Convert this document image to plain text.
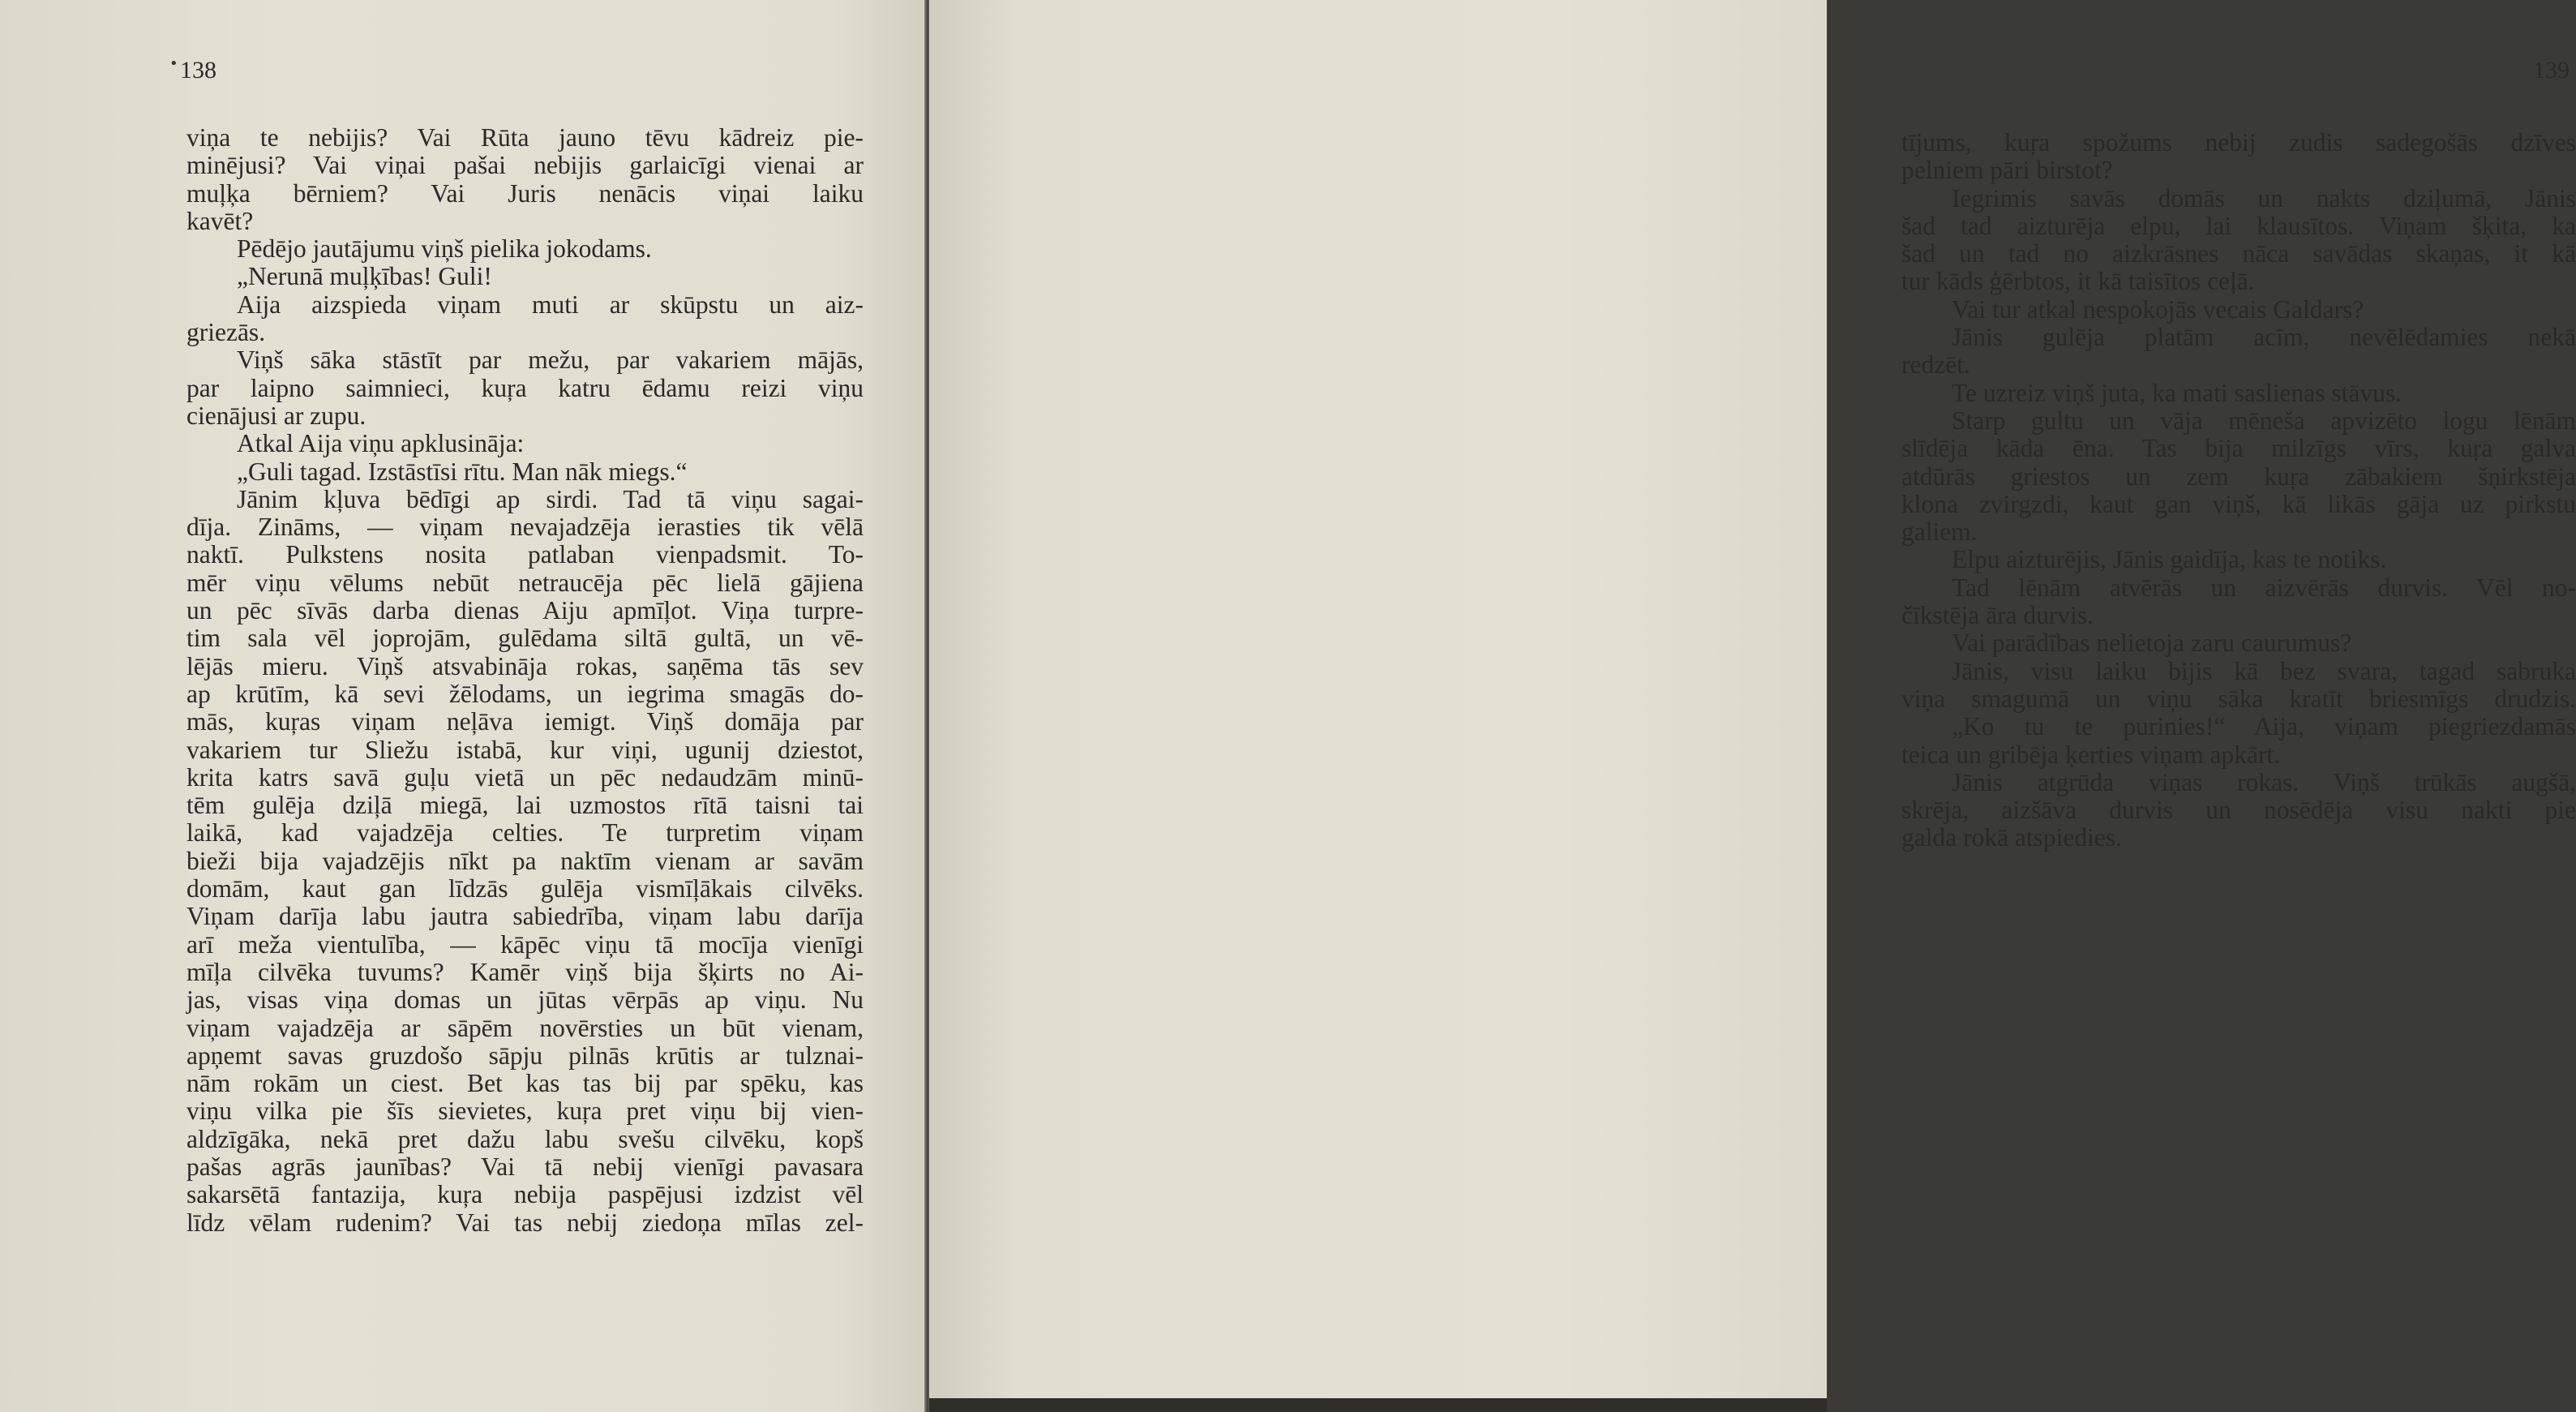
• 138
viņa te nebijis? Vai Rūta jauno tēvu kādreiz pie-
minējusi? Vai viņai pašai nebijis garlaicīgi vienai ar
muļķa bērniem? Vai Juris nenācis viņai laiku
kavēt?
Pēdējo jautājumu viņš pielika jokodams.
„Nerunā muļķības! Guli!
Aija aizspieda viņam muti ar skūpstu un aiz-
griezās.
Viņš sāka stāstīt par mežu, par vakariem mājās,
par laipno saimnieci, kuŗa katru ēdamu reizi viņu
cienājusi ar zupu.
Atkal Aija viņu apklusināja:
„Guli tagad. Izstāstīsi rītu. Man nāk miegs.“
Jānim kļuva bēdīgi ap sirdi. Tad tā viņu sagai-
dīja. Zināms, — viņam nevajadzēja ierasties tik vēlā
naktī. Pulkstens nosita patlaban vienpadsmit. To-
mēr viņu vēlums nebūt netraucēja pēc lielā gājiena
un pēc sīvās darba dienas Aiju apmīļot. Viņa turpre-
tim sala vēl joprojām, gulēdama siltā gultā, un vē-
lējās mieru. Viņš atsvabināja rokas, saņēma tās sev
ap krūtīm, kā sevi žēlodams, un iegrima smagās do-
mās, kuŗas viņam neļāva iemigt. Viņš domāja par
vakariem tur Sliežu istabā, kur viņi, ugunij dziestot,
krita katrs savā guļu vietā un pēc nedaudzām minū-
tēm gulēja dziļā miegā, lai uzmostos rītā taisni tai
laikā, kad vajadzēja celties. Te turpretim viņam
bieži bija vajadzējis nīkt pa naktīm vienam ar savām
domām, kaut gan līdzās gulēja vismīļākais cilvēks.
Viņam darīja labu jautra sabiedrība, viņam labu darīja
arī meža vientulība, — kāpēc viņu tā mocīja vienīgi
mīļa cilvēka tuvums? Kamēr viņš bija šķirts no Ai-
jas, visas viņa domas un jūtas vērpās ap viņu. Nu
viņam vajadzēja ar sāpēm novērsties un būt vienam,
apņemt savas gruzdošo sāpju pilnās krūtis ar tulznai-
nām rokām un ciest. Bet kas tas bij par spēku, kas
viņu vilka pie šīs sievietes, kuŗa pret viņu bij vien-
aldzīgāka, nekā pret dažu labu svešu cilvēku, kopš
pašas agrās jaunības? Vai tā nebij vienīgi pavasara
sakarsētā fantazija, kuŗa nebija paspējusi izdzist vēl
līdz vēlam rudenim? Vai tas nebij ziedoņa mīlas zel-
139
tījums, kuŗa spožums nebij zudis sadegošās dzīves
pelniem pāri birstot?
Iegrimis savās domās un nakts dziļumā, Jānis
šad tad aizturēja elpu, lai klausītos. Viņam šķita, ka
šad un tad no aizkrāsnes nāca savādas skaņas, it kā
tur kāds ģērbtos, it kā taisītos ceļā.
Vai tur atkal nespokojās vecais Galdars?
Jānis gulēja platām acīm, nevēlēdamies nekā
redzēt.
Te uzreiz viņš juta, ka mati saslienas stāvus.
Starp gultu un vāja mēneša apvizēto logu lēnām
slīdēja kāda ēna. Tas bija milzīgs vīrs, kuŗa galva
atdūrās griestos un zem kuŗa zābakiem šņirkstēja
klona zvirgzdi, kaut gan viņš, kā likās gāja uz pirkstu
galiem.
Elpu aizturējis, Jānis gaidīja, kas te notiks.
Tad lēnām atvērās un aizvērās durvis. Vēl no-
čīkstēja āra durvis.
Vai parādības nelietoja zaru caurumus?
Jānis, visu laiku bijis kā bez svara, tagad sabruka
viņa smagumā un viņu sāka kratīt briesmīgs drudzis.
„Ko tu te purinies!“ Aija, viņam piegriezdamās
teica un gribēja ķerties viņam apkārt.
Jānis atgrūda viņas rokas. Viņš trūkās augšā,
skrēja, aizšāva durvis un nosēdēja visu nakti pie
galda rokā atspiedies.
